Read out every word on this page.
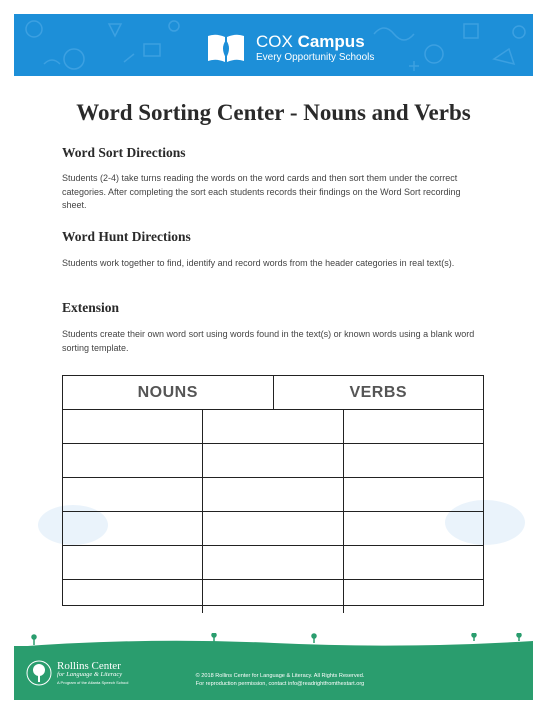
COX Campus
Every Opportunity Schools
Word Sorting Center - Nouns and Verbs
Word Sort Directions
Students (2-4) take turns reading the words on the word cards and then sort them under the correct categories. After completing the sort each students records their findings on the Word Sort recording sheet.
Word Hunt Directions
Students work together to find, identify and record words from the header categories in real text(s).
Extension
Students create their own word sort using words found in the text(s) or known words using a blank word sorting template.
NOUNS	VERBS
Rollins Center
for Language & Literacy
A Program of the Atlanta Speech School
© 2018 Rollins Center for Language & Literacy. All Rights Reserved.
For reproduction permission, contact info@readrightfromthestart.org
